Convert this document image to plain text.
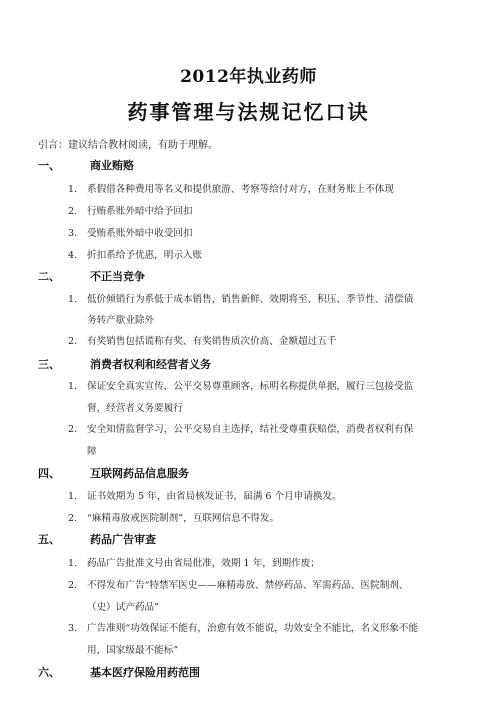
2012年执业药师
药事管理与法规记忆口诀
引言：建议结合教材阅读，有助于理解。
一、	商业贿赂
1. 系假借各种费用等名义和提供旅游、考察等给付对方，在财务账上不体现
2. 行贿系账外暗中给予回扣
3. 受贿系账外暗中收受回扣
4. 折扣系给予优惠，明示入账
二、	不正当竞争
1. 低价倾销行为系低于成本销售，销售新鲜、效期将至、积压、季节性、清偿债
务转产歇业除外
2. 有奖销售包括谎称有奖、有奖销售质次价高、金额超过五千
三、	消费者权利和经营者义务
1. 保证安全真实宣传，公平交易尊重顾客，标明名称提供单据，履行三包接受监
督，经营者义务要履行
2. 安全知情监督学习，公平交易自主选择，结社受尊重获赔偿，消费者权利有保
障
四、	互联网药品信息服务
1. 证书效期为 5 年，由省局核发证书，届满 6 个月申请换发。
2. “麻精毒放戒医院制剂”，互联网信息不得发。
五、	药品广告审查
1. 药品广告批准文号由省局批准，效期 1 年，到期作废；
2. 不得发布广告“特禁军医史——麻精毒放、禁停药品、军需药品、医院制剂、
（史）试产药品”
3. 广告准则“功效保证不能有，治愈有效不能说，功效安全不能比，名义形象不能
用，国家级最不能标”
六、	基本医疗保险用药范围
